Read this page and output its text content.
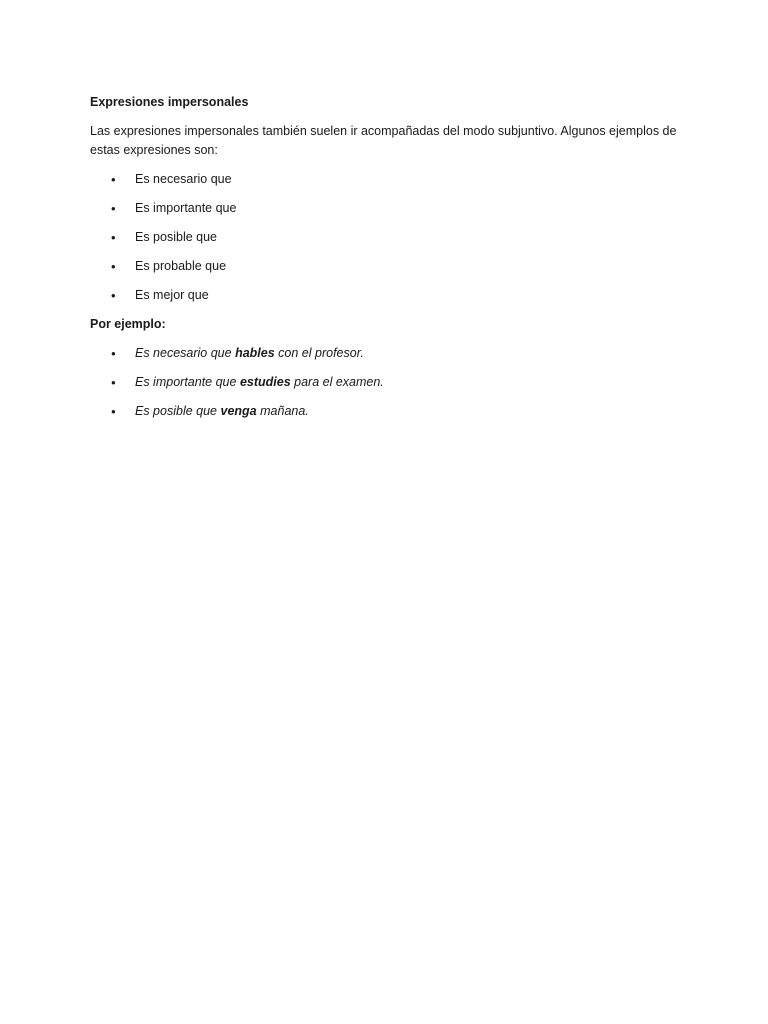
Expresiones impersonales

Las expresiones impersonales también suelen ir acompañadas del modo subjuntivo. Algunos ejemplos de estas expresiones son:

• Es necesario que
• Es importante que
• Es posible que
• Es probable que
• Es mejor que

Por ejemplo:

• Es necesario que hables con el profesor.
• Es importante que estudies para el examen.
• Es posible que venga mañana.
